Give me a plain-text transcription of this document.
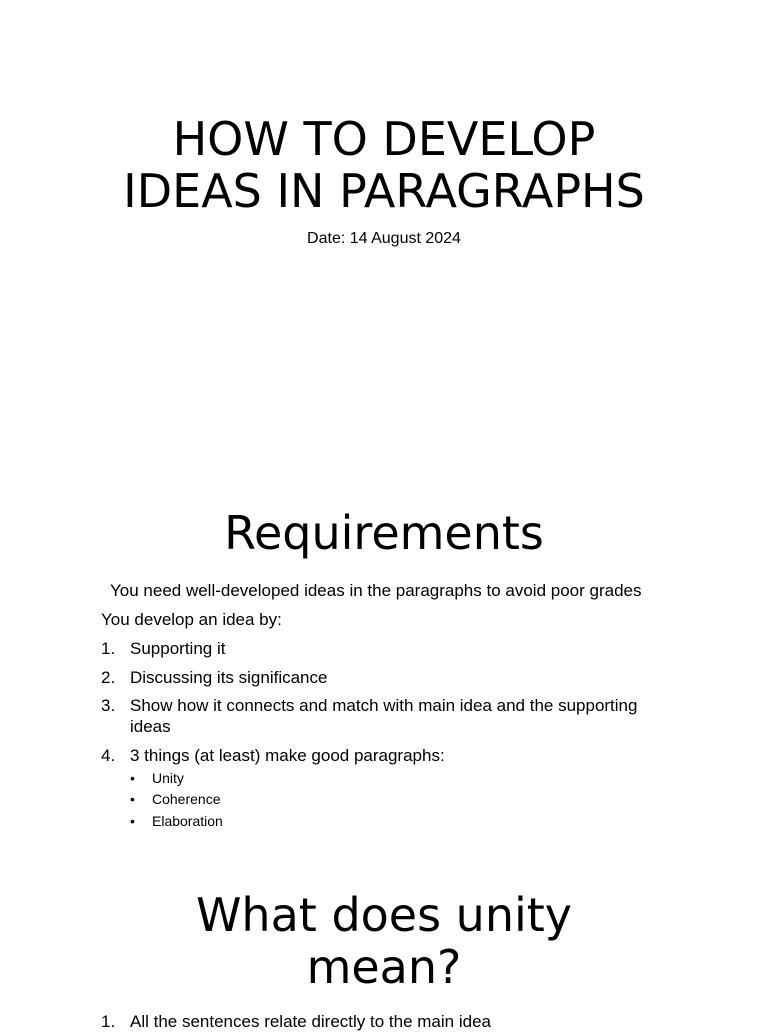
HOW TO DEVELOP
IDEAS IN PARAGRAPHS
Date: 14 August 2024
Requirements
You need well-developed ideas in the paragraphs to avoid poor grades
You develop an idea by:
1. Supporting it
2. Discussing its significance
3. Show how it connects and match with main idea and the supporting ideas
4. 3 things (at least) make good paragraphs:
• Unity
• Coherence
• Elaboration
What does unity
mean?
1. All the sentences relate directly to the main idea
